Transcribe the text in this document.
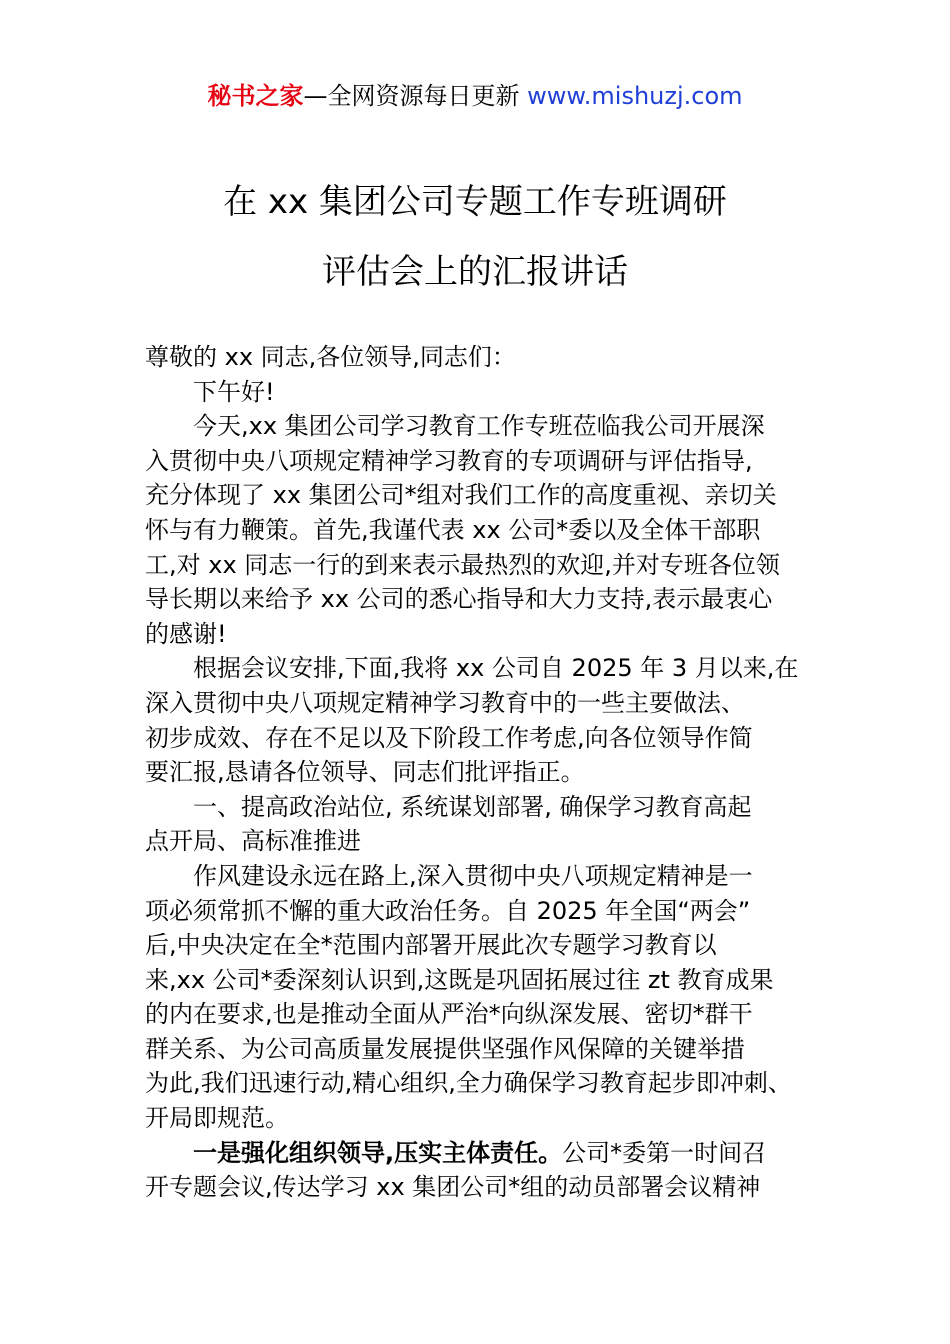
秘书之家—全网资源每日更新 www.mishuzj.com
在 xx 集团公司专题工作专班调研
评估会上的汇报讲话
尊敬的 xx 同志,各位领导,同志们：
下午好!
今天,xx 集团公司学习教育工作专班莅临我公司开展深
入贯彻中央八项规定精神学习教育的专项调研与评估指导,
充分体现了 xx 集团公司*组对我们工作的高度重视、亲切关
怀与有力鞭策。首先,我谨代表 xx 公司*委以及全体干部职
工,对 xx 同志一行的到来表示最热烈的欢迎,并对专班各位领
导长期以来给予 xx 公司的悉心指导和大力支持,表示最衷心
的感谢!
根据会议安排,下面,我将 xx 公司自 2025 年 3 月以来,在
深入贯彻中央八项规定精神学习教育中的一些主要做法、
初步成效、存在不足以及下阶段工作考虑,向各位领导作简
要汇报,恳请各位领导、同志们批评指正。
一、提高政治站位, 系统谋划部署, 确保学习教育高起
点开局、高标准推进
作风建设永远在路上,深入贯彻中央八项规定精神是一
项必须常抓不懈的重大政治任务。自 2025 年全国“两会”
后,中央决定在全*范围内部署开展此次专题学习教育以
来,xx 公司*委深刻认识到,这既是巩固拓展过往 zt 教育成果
的内在要求,也是推动全面从严治*向纵深发展、密切*群干
群关系、为公司高质量发展提供坚强作风保障的关键举措
为此,我们迅速行动,精心组织,全力确保学习教育起步即冲刺、
开局即规范。
一是强化组织领导,压实主体责任。公司*委第一时间召
开专题会议,传达学习 xx 集团公司*组的动员部署会议精神
